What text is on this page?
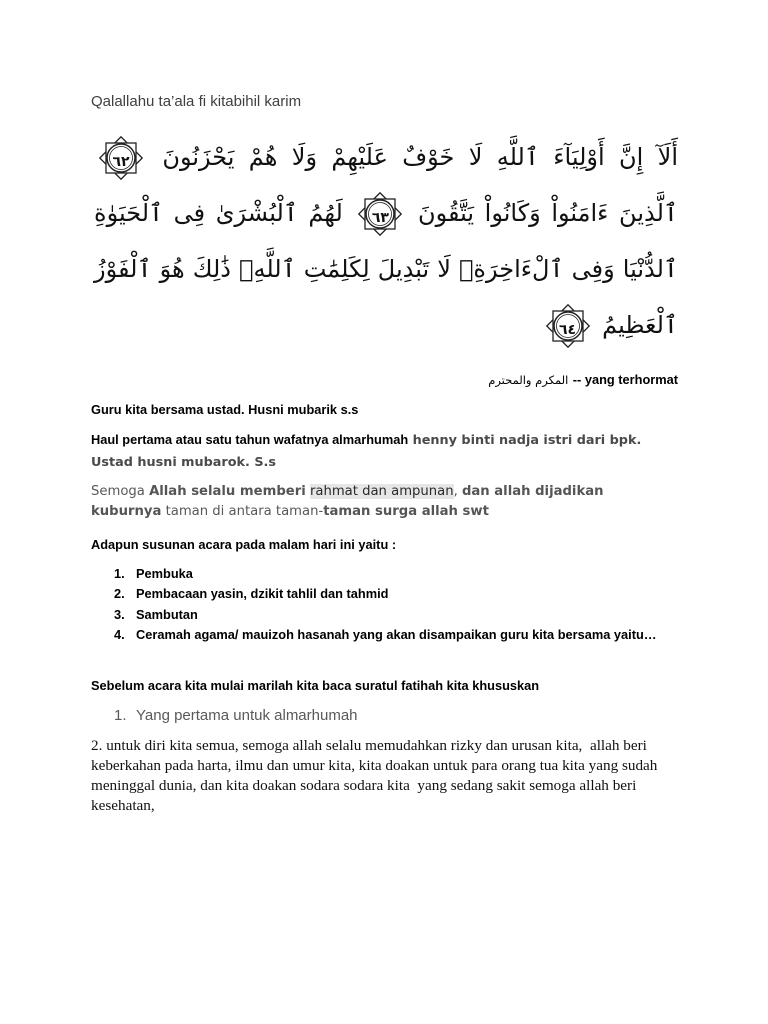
Qalallahu ta’ala fi kitabihil karim

أَلَآ إِنَّ أَوْلِيَآءَ ٱللَّهِ لَا خَوْفٌ عَلَيْهِمْ وَلَا هُمْ يَحْزَنُونَ
٦٢
ٱلَّذِينَ ءَامَنُواْ وَكَانُواْ يَتَّقُونَ
٦٣ لَهُمُ ٱلْبُشْرَىٰ فِى ٱلْحَيَوٰةِ
ٱلدُّنْيَا وَفِى ٱلْءَاخِرَةِۚ لَا تَبْدِيلَ لِكَلِمَٰتِ ٱللَّهِۚ ذَٰلِكَ هُوَ ٱلْفَوْزُ
ٱلْعَظِيمُ
٦٤

المكرم والمحترم -- yang terhormat

Guru kita bersama ustad. Husni mubarik s.s

Haul pertama atau satu tahun wafatnya almarhumah henny binti nadja istri dari bpk.
Ustad husni mubarok. S.s

Semoga Allah selalu memberi rahmat dan ampunan, dan allah dijadikan
kuburnya taman di antara taman-taman surga allah swt

Adapun susunan acara pada malam hari ini yaitu :

1. Pembuka
2. Pembacaan yasin, dzikit tahlil dan tahmid
3. Sambutan
4. Ceramah agama/ mauizoh hasanah yang akan disampaikan guru kita bersama yaitu…

Sebelum acara kita mulai marilah kita baca suratul fatihah kita khususkan

1. Yang pertama untuk almarhumah

2. untuk diri kita semua, semoga allah selalu memudahkan rizky dan urusan kita,  allah beri keberkahan pada harta, ilmu dan umur kita, kita doakan untuk para orang tua kita yang sudah meninggal dunia, dan kita doakan sodara sodara kita  yang sedang sakit semoga allah beri kesehatan,
